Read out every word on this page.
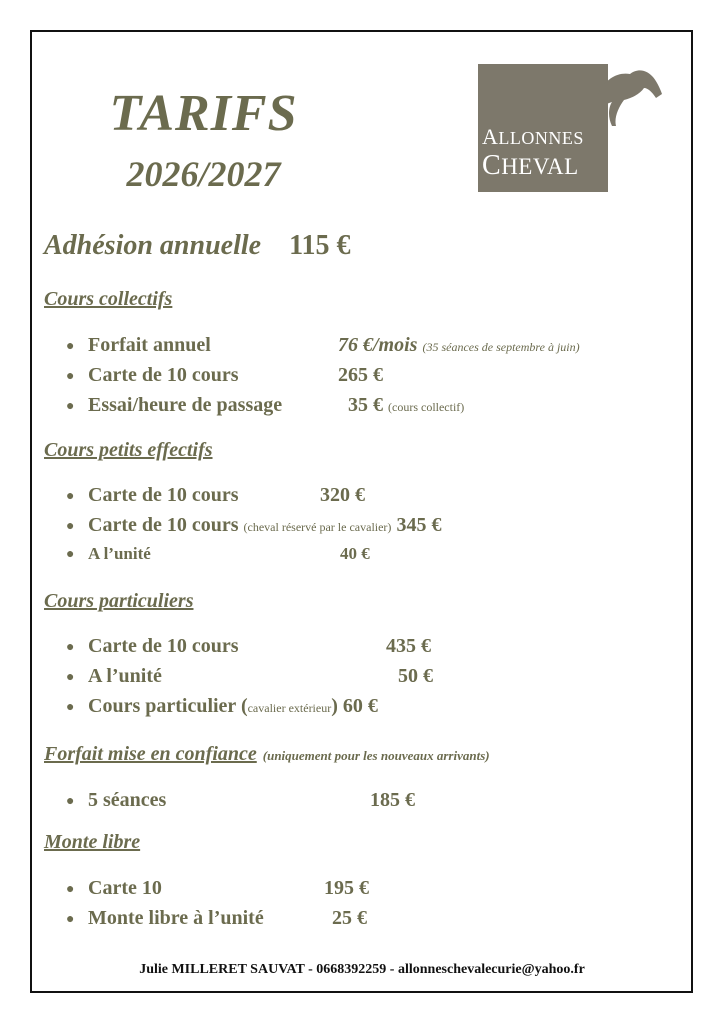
TARIFS
2026/2027
ALLONNES
CHEVAL
Adhésion annuelle 115 €
Cours collectifs
● Forfait annuel	76 €/mois (35 séances de septembre à juin)
● Carte de 10 cours	265 €
● Essai/heure de passage	35 € (cours collectif)
Cours petits effectifs
● Carte de 10 cours	320 €
● Carte de 10 cours (cheval réservé par le cavalier) 345 €
● A l’unité	40 €
Cours particuliers
● Carte de 10 cours	435 €
● A l’unité	50 €
● Cours particulier (cavalier extérieur) 60 €
Forfait mise en confiance (uniquement pour les nouveaux arrivants)
● 5 séances	185 €
Monte libre
● Carte 10	195 €
● Monte libre à l’unité	25 €
Julie MILLERET SAUVAT - 0668392259 - allonneschevalecurie@yahoo.fr
